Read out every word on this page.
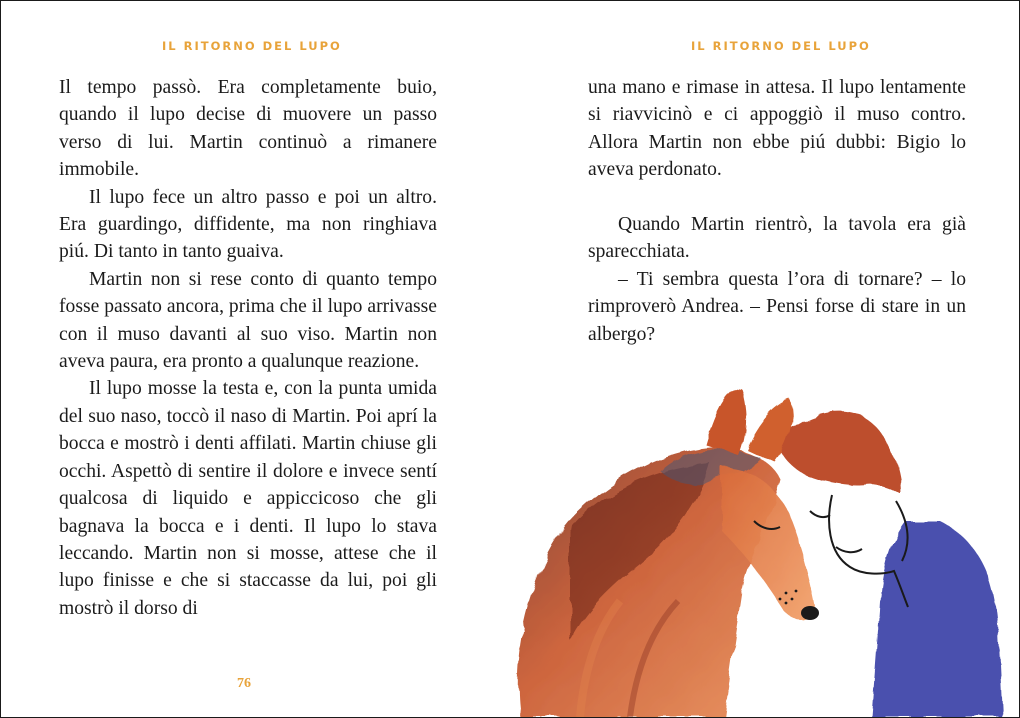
IL RITORNO DEL LUPO

Il tempo passò. Era completamente buio, quando il lupo decise di muovere un passo verso di lui. Martin continuò a rimanere immobile.

Il lupo fece un altro passo e poi un altro. Era guardingo, diffidente, ma non ringhiava piú. Di tanto in tanto guaiva.

Martin non si rese conto di quanto tempo fosse passato ancora, prima che il lupo arrivasse con il muso davanti al suo viso. Martin non aveva paura, era pronto a qualunque reazione.

Il lupo mosse la testa e, con la punta umida del suo naso, toccò il naso di Martin. Poi aprí la bocca e mostrò i denti affilati. Martin chiuse gli occhi. Aspettò di sentire il dolore e invece sentí qualcosa di liquido e appiccicoso che gli bagnava la bocca e i denti. Il lupo lo stava leccando. Martin non si mosse, attese che il lupo finisse e che si staccasse da lui, poi gli mostrò il dorso di

76
IL RITORNO DEL LUPO

una mano e rimase in attesa. Il lupo lentamente si riavvicinò e ci appoggiò il muso contro. Allora Martin non ebbe piú dubbi: Bigio lo aveva perdonato.

Quando Martin rientrò, la tavola era già sparecchiata.

– Ti sembra questa l’ora di tornare? – lo rimproverò Andrea. – Pensi forse di stare in un albergo?
